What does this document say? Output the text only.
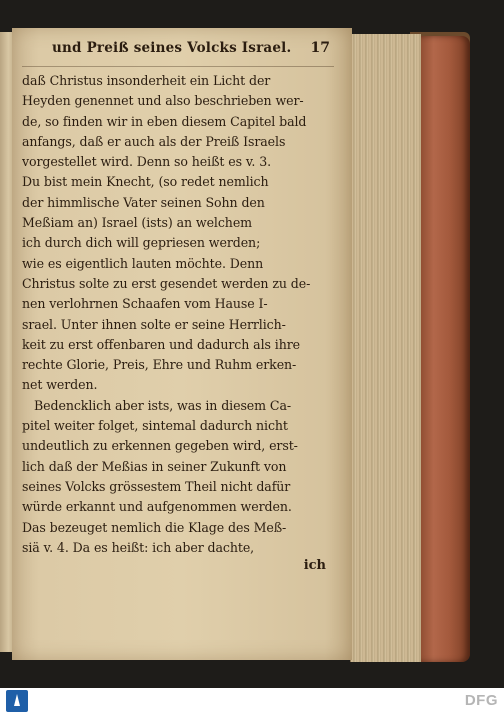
und Preiß seines Volcks Israel. 17
daß Christus insonderheit ein Licht der
Heyden genennet und also beschrieben wer-
de, so finden wir in eben diesem Capitel bald
anfangs, daß er auch als der Preiß Israels
vorgestellet wird. Denn so heißt es v. 3.
Du bist mein Knecht, (so redet nemlich
der himmlische Vater seinen Sohn den
Meßiam an) Israel (ists) an welchem
ich durch dich will gepriesen werden;
wie es eigentlich lauten möchte. Denn
Christus solte zu erst gesendet werden zu de-
nen verlohrnen Schaafen vom Hause I-
srael. Unter ihnen solte er seine Herrlich-
keit zu erst offenbaren und dadurch als ihre
rechte Glorie, Preis, Ehre und Ruhm erken-
net werden.
Bedencklich aber ists, was in diesem Ca-
pitel weiter folget, sintemal dadurch nicht
undeutlich zu erkennen gegeben wird, erst-
lich daß der Meßias in seiner Zukunft von
seines Volcks grössestem Theil nicht dafür
würde erkannt und aufgenommen werden.
Das bezeuget nemlich die Klage des Meß-
siä v. 4. Da es heißt: ich aber dachte,
ich
DFG
